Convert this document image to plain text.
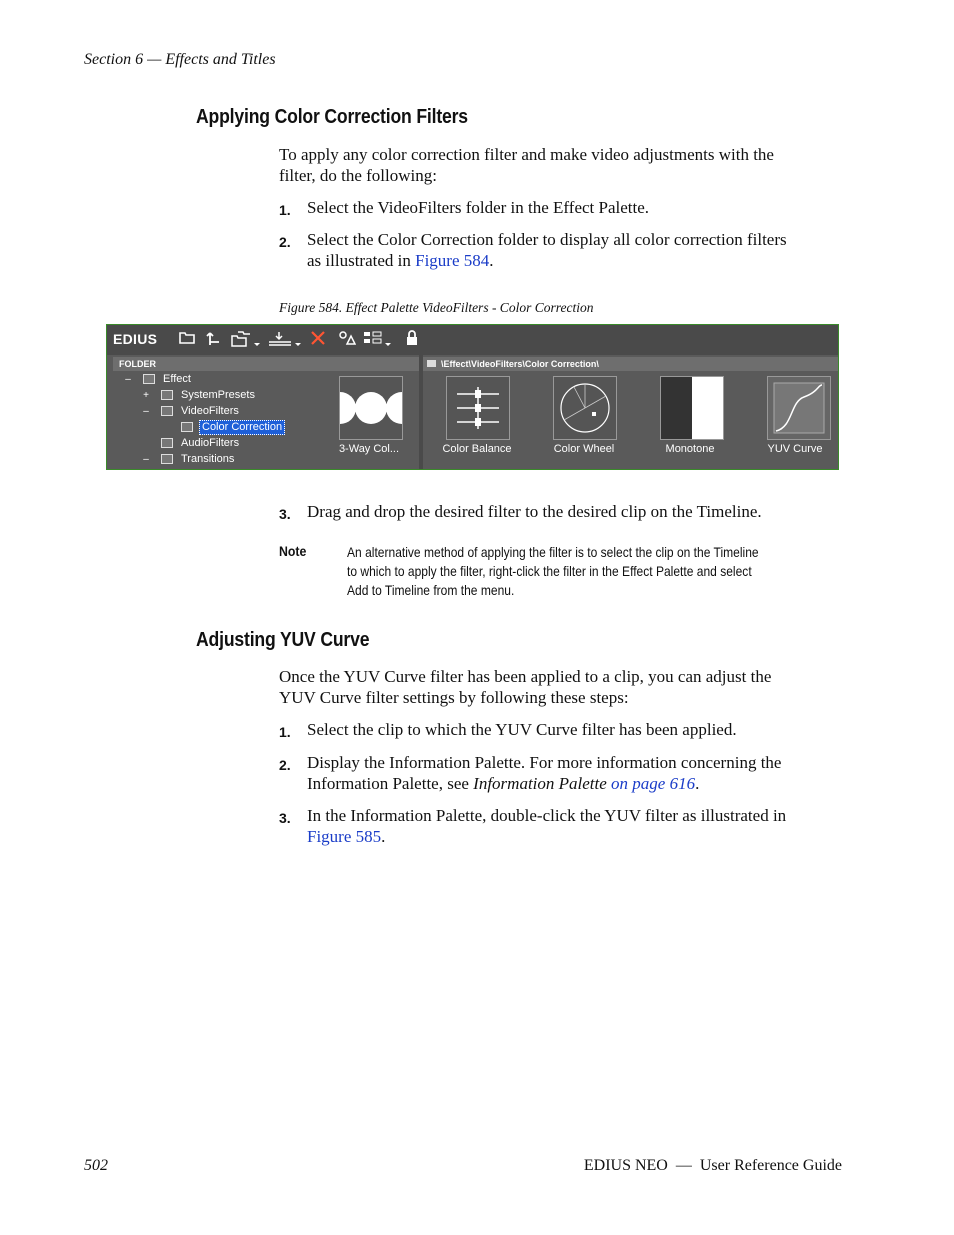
Section 6 — Effects and Titles
Applying Color Correction Filters
To apply any color correction filter and make video adjustments with the
filter, do the following:
1. Select the VideoFilters folder in the Effect Palette.
2. Select the Color Correction folder to display all color correction filters
as illustrated in Figure 584.
Figure 584. Effect Palette VideoFilters - Color Correction
EDIUS
FOLDER
–	Effect
+	SystemPresets
–	VideoFilters
Color Correction
AudioFilters
–	Transitions
\Effect\VideoFilters\Color Correction\
3-Way Col...	Color Balance	Color Wheel	Monotone	YUV Curve
3. Drag and drop the desired filter to the desired clip on the Timeline.
Note	An alternative method of applying the filter is to select the clip on the Timeline
to which to apply the filter, right-click the filter in the Effect Palette and select
Add to Timeline from the menu.
Adjusting YUV Curve
Once the YUV Curve filter has been applied to a clip, you can adjust the
YUV Curve filter settings by following these steps:
1. Select the clip to which the YUV Curve filter has been applied.
2. Display the Information Palette. For more information concerning the
Information Palette, see Information Palette on page 616.
3. In the Information Palette, double-click the YUV filter as illustrated in
Figure 585.
502	EDIUS NEO  —  User Reference Guide
